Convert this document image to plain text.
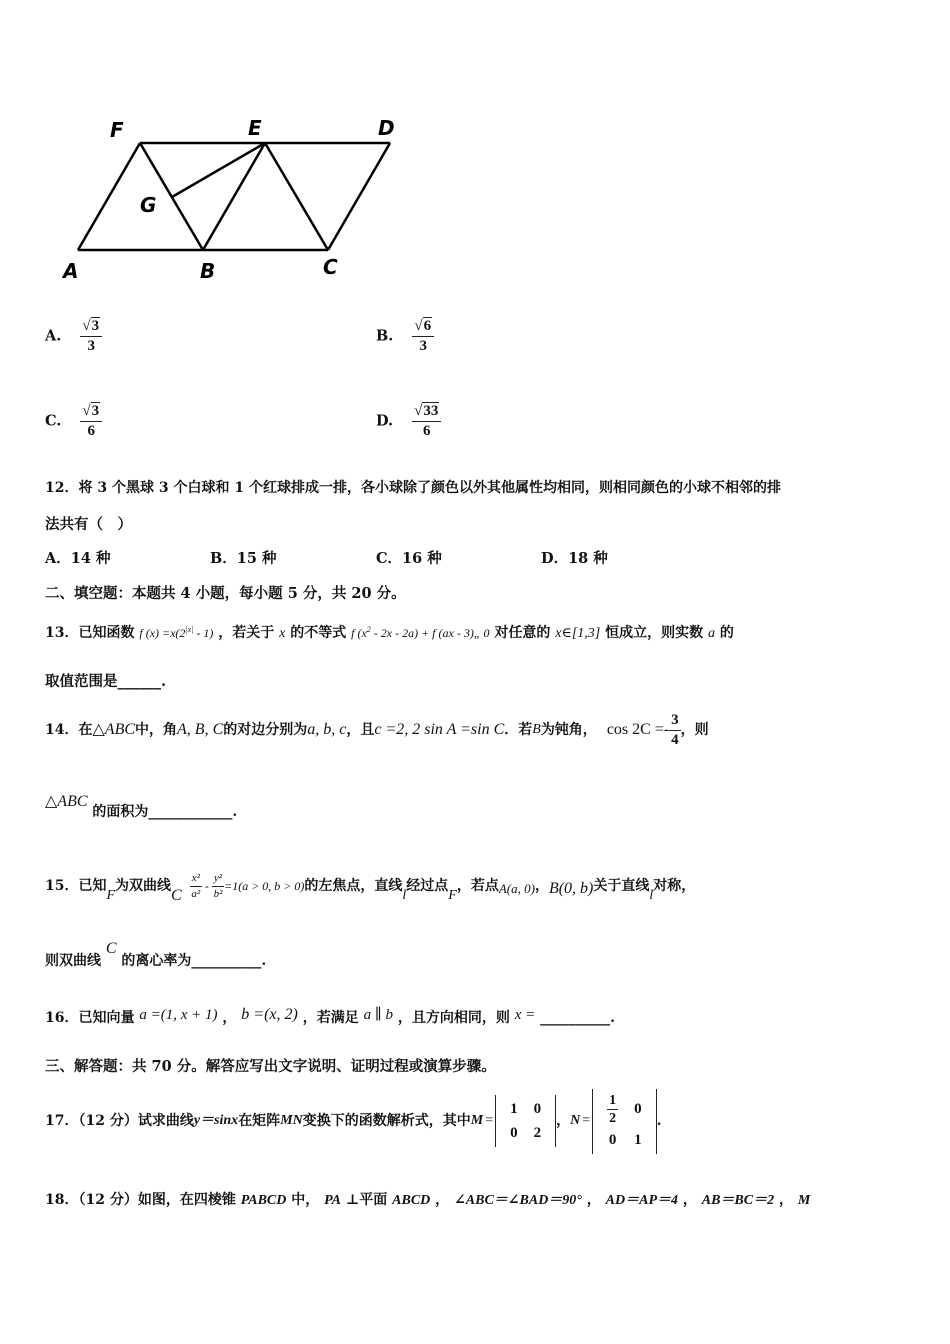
F	E	D
G
A	B	C
A. $\frac{√3}{3}$	B. $\frac{√6}{3}$
C. $\frac{√3}{6}$	D. $\frac{√33}{6}$
12．将 3 个黑球 3 个白球和 1 个红球排成一排，各小球除了颜色以外其他属性均相同，则相同颜色的小球不相邻的排
法共有（　）
A．14 种	B．15 种	C．16 种	D．18 种
二、填空题：本题共 4 小题，每小题 5 分，共 20 分。
13．已知函数 f $(x) =x(2^{|x|} - 1)$ ，若关于 x 的不等式 f $(x^2 - 2x - 2a) + f$ (ax - 3)„ 0 对任意的 x∈[1,3] 恒成立，则实数 a 的
取值范围是______.
14．在 △ABC 中，角 A, B, C 的对边分别为 a, b, c ，且 c =2, 2 sin A =sin C ．若 B 为钝角， $\cos 2C =- \frac{3}{4}$ ，则
△ABC 的面积为____________.
15．已知
F
为双曲线
C $\frac{\text{x²}}{\text{a²}} - \frac{\text{y²}}{\text{b²}} =1(a > 0$, b > 0) 的左焦点，直线
l
经过点
F
，若点 A(a, 0) ， B(0, b) 关于直线
l
对称，
则双曲线 C 的离心率为__________.
16．已知向量 a =(1, x + 1) ， b =(x, 2) ，若满足 a ∥ b ，且方向相同，则 x = __________.
三、解答题：共 70 分。解答应写出文字说明、证明过程或演算步骤。
17．（12 分）试求曲线 y＝sinx 在矩阵 MN 变换下的函数解析式，其中 M =
1	0
0	2
， $N = \frac{1}{2}$	0
0	1
.
18．（12 分）如图，在四棱锥 PABCD 中， PA ⊥平面 ABCD ， ∠ABC＝∠BAD＝90° ， AD＝AP＝4 ， AB＝BC＝2 ， M
